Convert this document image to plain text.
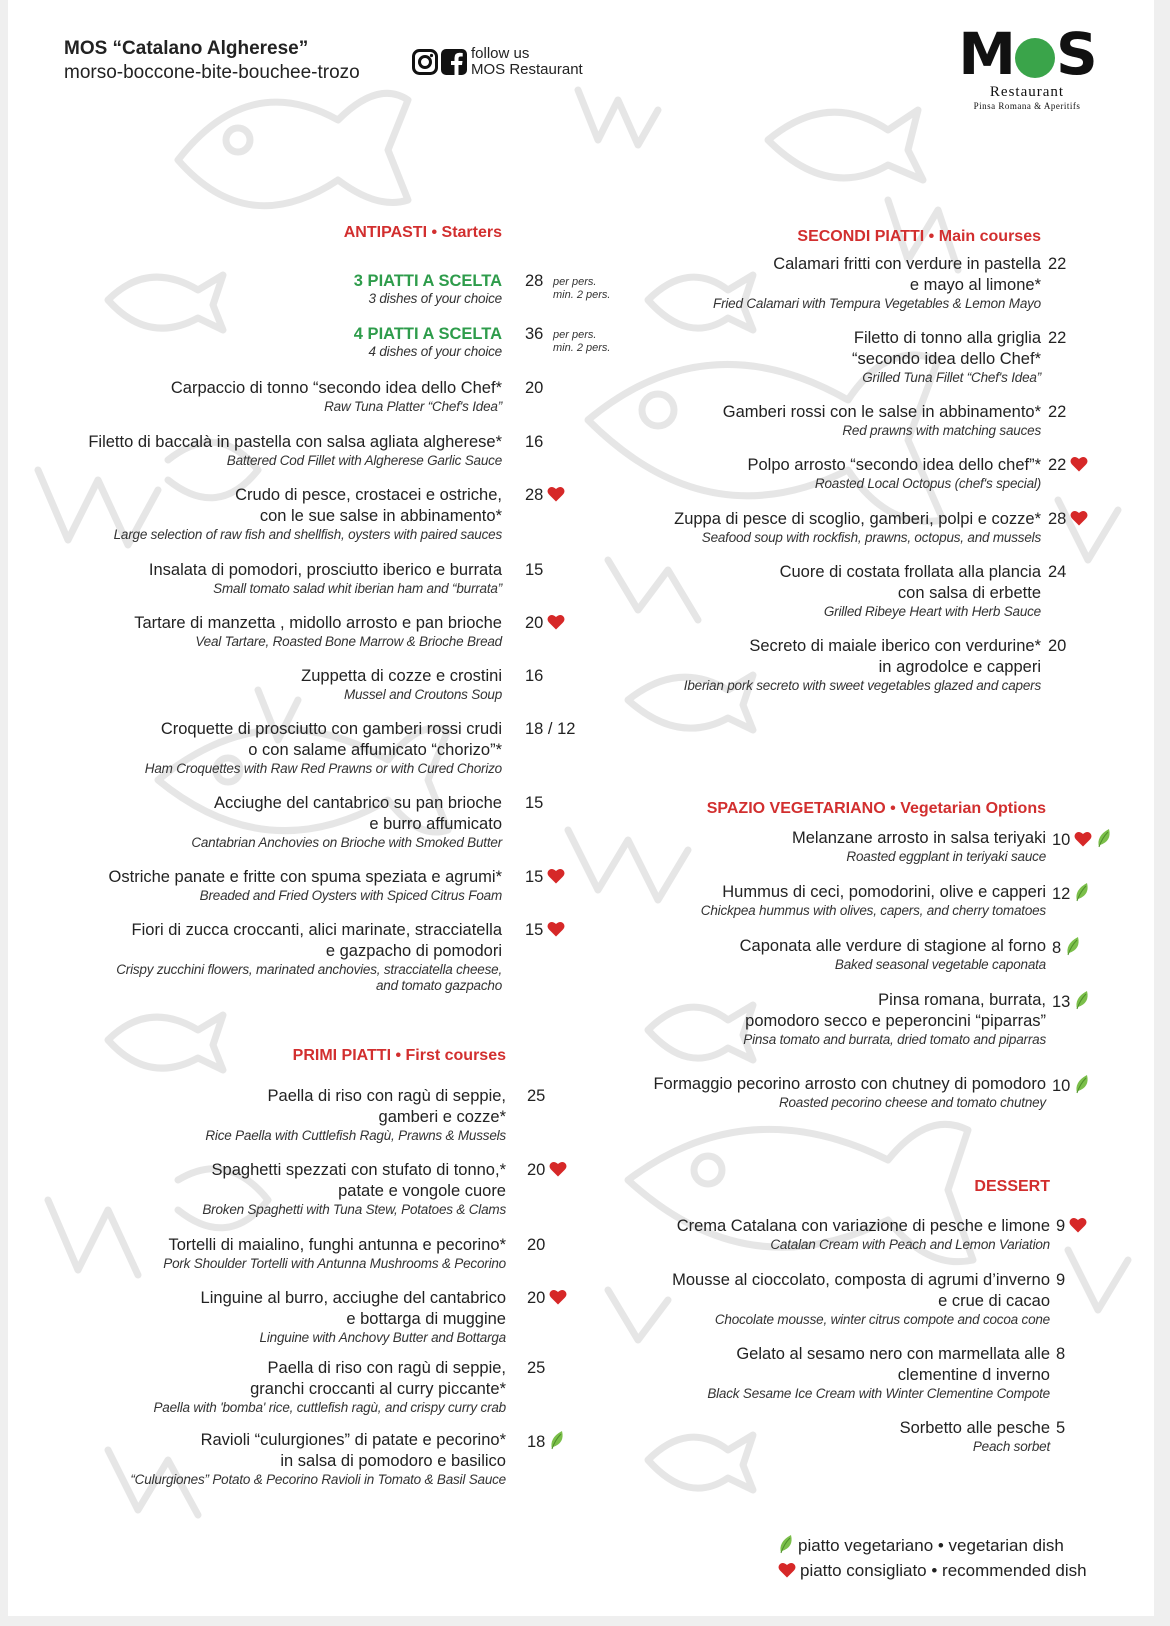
MOS “Catalano Algherese”
morso-boccone-bite-bouchee-trozo
follow us
MOS Restaurant	M S
Restaurant
Pinsa Romana & Aperitifs
ANTIPASTI • Starters
3 PIATTI A SCELTA
3 dishes of your choice
28 per pers.
min. 2 pers.
4 PIATTI A SCELTA
4 dishes of your choice
36 per pers.
min. 2 pers.
Carpaccio di tonno “secondo idea dello Chef*
Raw Tuna Platter “Chef's Idea”
20
Filetto di baccalà in pastella con salsa agliata algherese*
Battered Cod Fillet with Algherese Garlic Sauce
16
Crudo di pesce, crostacei e ostriche,
con le sue salse in abbinamento*
Large selection of raw fish and shellfish, oysters with paired sauces
28
Insalata di pomodori, prosciutto iberico e burrata
Small tomato salad whit iberian ham and “burrata”
15
Tartare di manzetta , midollo arrosto e pan brioche
Veal Tartare, Roasted Bone Marrow & Brioche Bread
20
Zuppetta di cozze e crostini
Mussel and Croutons Soup
16
Croquette di prosciutto con gamberi rossi crudi
o con salame affumicato “chorizo”*
Ham Croquettes with Raw Red Prawns or with Cured Chorizo
18 / 12
Acciughe del cantabrico su pan brioche
e burro affumicato
Cantabrian Anchovies on Brioche with Smoked Butter
15
Ostriche panate e fritte con spuma speziata e agrumi*
Breaded and Fried Oysters with Spiced Citrus Foam
15
Fiori di zucca croccanti, alici marinate, stracciatella
e gazpacho di pomodori
Crispy zucchini flowers, marinated anchovies, stracciatella cheese,
and tomato gazpacho
15
PRIMI PIATTI • First courses
Paella di riso con ragù di seppie,
gamberi e cozze*
Rice Paella with Cuttlefish Ragù, Prawns & Mussels
25
Spaghetti spezzati con stufato di tonno,*
patate e vongole cuore
Broken Spaghetti with Tuna Stew, Potatoes & Clams
20
Tortelli di maialino, funghi antunna e pecorino*
Pork Shoulder Tortelli with Antunna Mushrooms & Pecorino
20
Linguine al burro, acciughe del cantabrico
e bottarga di muggine
Linguine with Anchovy Butter and Bottarga
20
Paella di riso con ragù di seppie,
granchi croccanti al curry piccante*
Paella with 'bomba' rice, cuttlefish ragù, and crispy curry crab
25
Ravioli “culurgiones” di patate e pecorino*
in salsa di pomodoro e basilico
“Culurgiones” Potato & Pecorino Ravioli in Tomato & Basil Sauce
18
SECONDI PIATTI • Main courses
Calamari fritti con verdure in pastella
e mayo al limone*
Fried Calamari with Tempura Vegetables & Lemon Mayo
22
Filetto di tonno alla griglia
“secondo idea dello Chef*
Grilled Tuna Fillet “Chef's Idea”
22
Gamberi rossi con le salse in abbinamento*
Red prawns with matching sauces
22
Polpo arrosto “secondo idea dello chef”*
Roasted Local Octopus (chef's special)
22
Zuppa di pesce di scoglio, gamberi, polpi e cozze*
Seafood soup with rockfish, prawns, octopus, and mussels
28
Cuore di costata frollata alla plancia
con salsa di erbette
Grilled Ribeye Heart with Herb Sauce
24
Secreto di maiale iberico con verdurine*
in agrodolce e capperi
Iberian pork secreto with sweet vegetables glazed and capers
20
SPAZIO VEGETARIANO • Vegetarian Options
Melanzane arrosto in salsa teriyaki
Roasted eggplant in teriyaki sauce
10
Hummus di ceci, pomodorini, olive e capperi
Chickpea hummus with olives, capers, and cherry tomatoes
12
Caponata alle verdure di stagione al forno
Baked seasonal vegetable caponata
8
Pinsa romana, burrata,
pomodoro secco e peperoncini “piparras”
Pinsa tomato and burrata, dried tomato and piparras
13
Formaggio pecorino arrosto con chutney di pomodoro
Roasted pecorino cheese and tomato chutney
10
DESSERT
Crema Catalana con variazione di pesche e limone
Catalan Cream with Peach and Lemon Variation
9
Mousse al cioccolato, composta di agrumi d’inverno
e crue di cacao
Chocolate mousse, winter citrus compote and cocoa cone
9
Gelato al sesamo nero con marmellata alle
clementine d inverno
Black Sesame Ice Cream with Winter Clementine Compote
8
Sorbetto alle pesche
Peach sorbet
5
piatto vegetariano • vegetarian dish
piatto consigliato • recommended dish
